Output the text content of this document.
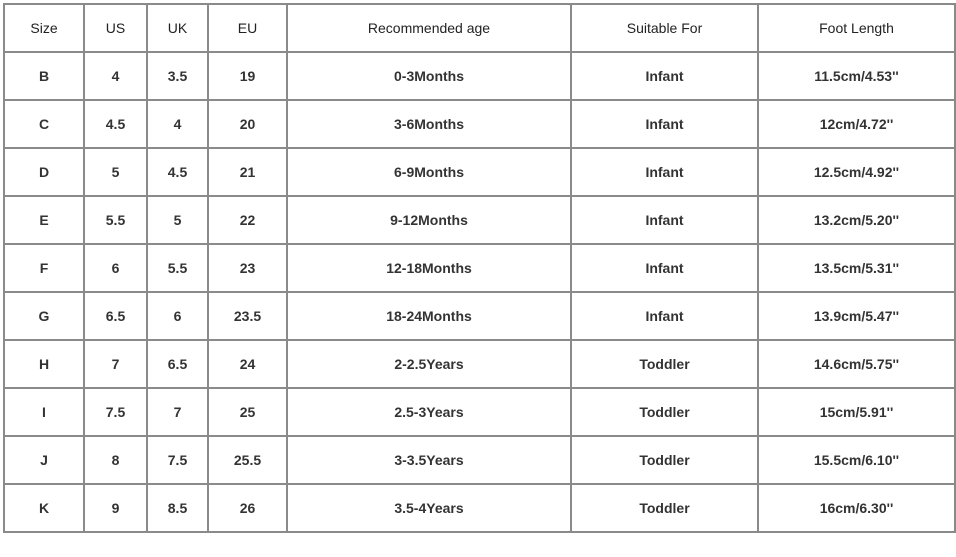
Size	US	UK	EU	Recommended age	Suitable For	Foot Length
B	4	3.5	19	0-3Months	Infant	11.5cm/4.53''
C	4.5	4	20	3-6Months	Infant	12cm/4.72''
D	5	4.5	21	6-9Months	Infant	12.5cm/4.92''
E	5.5	5	22	9-12Months	Infant	13.2cm/5.20''
F	6	5.5	23	12-18Months	Infant	13.5cm/5.31''
G	6.5	6	23.5	18-24Months	Infant	13.9cm/5.47''
H	7	6.5	24	2-2.5Years	Toddler	14.6cm/5.75''
I	7.5	7	25	2.5-3Years	Toddler	15cm/5.91''
J	8	7.5	25.5	3-3.5Years	Toddler	15.5cm/6.10''
K	9	8.5	26	3.5-4Years	Toddler	16cm/6.30''
